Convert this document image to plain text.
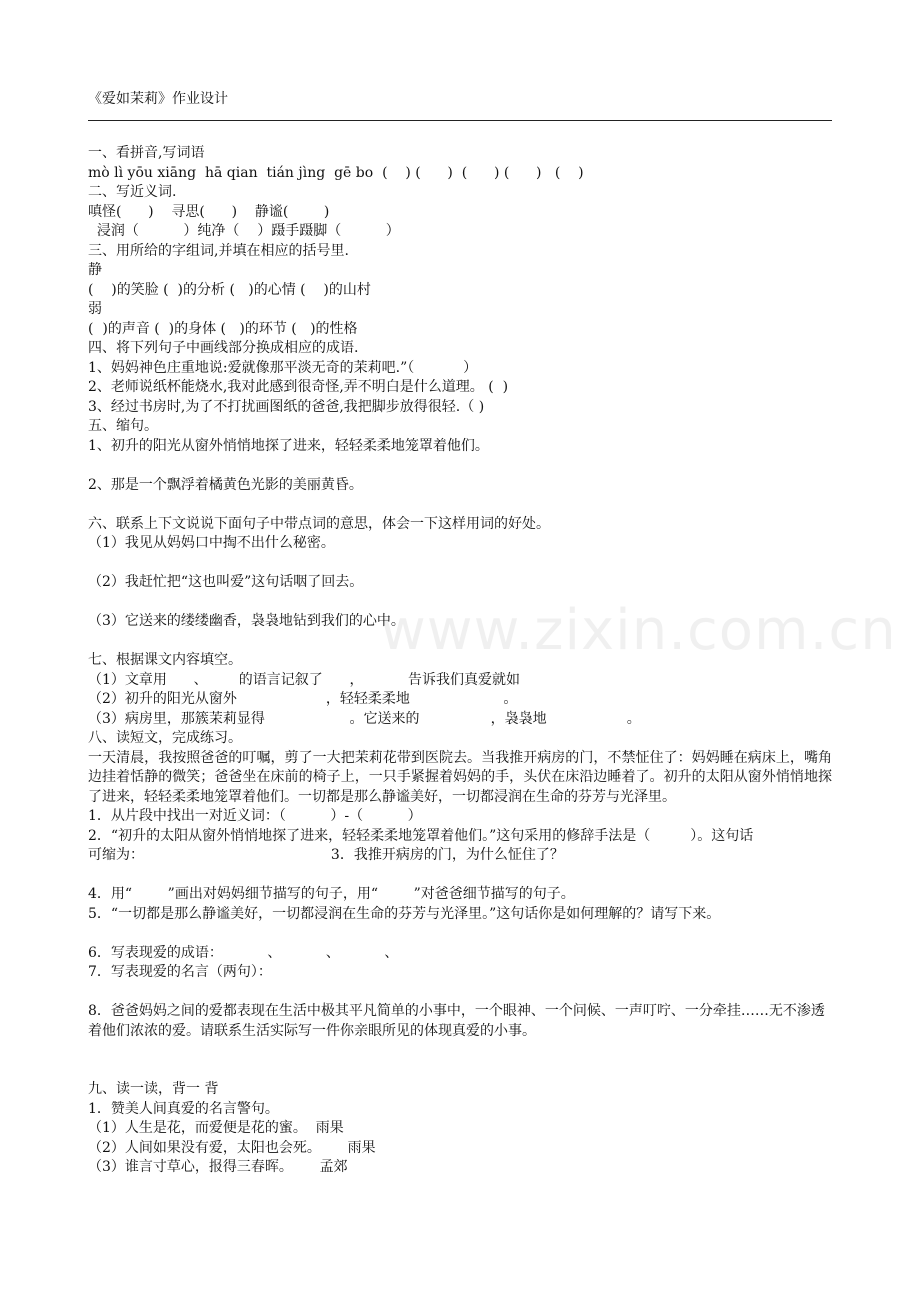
《爱如茉莉》作业设计

一、看拼音,写词语

mò lì yōu xiāng  hā qian  tián jìng  gē bo  (    ) (      )  (      ) (      )   (    )

二、写近义词.

嗔怪(      )    寻思(      )    静谧(        )

浸润（          ）纯净（    ）蹑手蹑脚（          ）

三、用所给的字组词,并填在相应的括号里.

静

(    )的笑脸 (  )的分析 (   )的心情 (    )的山村

弱

(  )的声音 (  )的身体 (   )的环节 (   )的性格

四、将下列句子中画线部分换成相应的成语.

1、妈妈神色庄重地说:爱就像那平淡无奇的茉莉吧.”（           ）

2、老师说纸杯能烧水,我对此感到很奇怪,弄不明白是什么道理。 (  )

3、经过书房时,为了不打扰画图纸的爸爸,我把脚步放得很轻.（ )

五、缩句。

1、初升的阳光从窗外悄悄地探了进来，轻轻柔柔地笼罩着他们。

2、那是一个飘浮着橘黄色光影的美丽黄昏。

六、联系上下文说说下面句子中带点词的意思，体会一下这样用词的好处。

（1）我见从妈妈口中掏不出什么秘密。

（2）我赶忙把“这也叫爱”这句话咽了回去。

（3）它送来的缕缕幽香，袅袅地钻到我们的心中。

七、根据课文内容填空。

（1）文章用      、       的语言记叙了      ，          告诉我们真爱就如

（2）初升的阳光从窗外                    ，轻轻柔柔地                     。

（3）病房里，那簇茉莉显得                   。它送来的                ，袅袅地                  。

八、读短文，完成练习。

一天清晨，我按照爸爸的叮嘱，剪了一大把茉莉花带到医院去。当我推开病房的门，不禁怔住了：妈妈睡在病床上，嘴角边挂着恬静的微笑；爸爸坐在床前的椅子上，一只手紧握着妈妈的手，头伏在床沿边睡着了。初升的太阳从窗外悄悄地探了进来，轻轻柔柔地笼罩着他们。一切都是那么静谧美好，一切都浸润在生命的芬芳与光泽里。

1．从片段中找出一对近义词：（          ）-（          ）

2．“初升的太阳从窗外悄悄地探了进来，轻轻柔柔地笼罩着他们。”这句采用的修辞手法是（         ）。这句话

可缩为：                                          3．我推开病房的门，为什么怔住了？

4．用“        ”画出对妈妈细节描写的句子，用“        ”对爸爸细节描写的句子。

5．“一切都是那么静谧美好，一切都浸润在生命的芬芳与光泽里。”这句话你是如何理解的？请写下来。

6．写表现爱的成语：          、          、          、

7．写表现爱的名言（两句）：

8．爸爸妈妈之间的爱都表现在生活中极其平凡简单的小事中，一个眼神、一个问候、一声叮咛、一分牵挂……无不渗透着他们浓浓的爱。请联系生活实际写一件你亲眼所见的体现真爱的小事。

九、读一读，背一 背

1．赞美人间真爱的名言警句。

（1）人生是花，而爱便是花的蜜。  雨果

（2）人间如果没有爱，太阳也会死。      雨果

（3）谁言寸草心，报得三春晖。      孟郊

www.zixin.com.cn
